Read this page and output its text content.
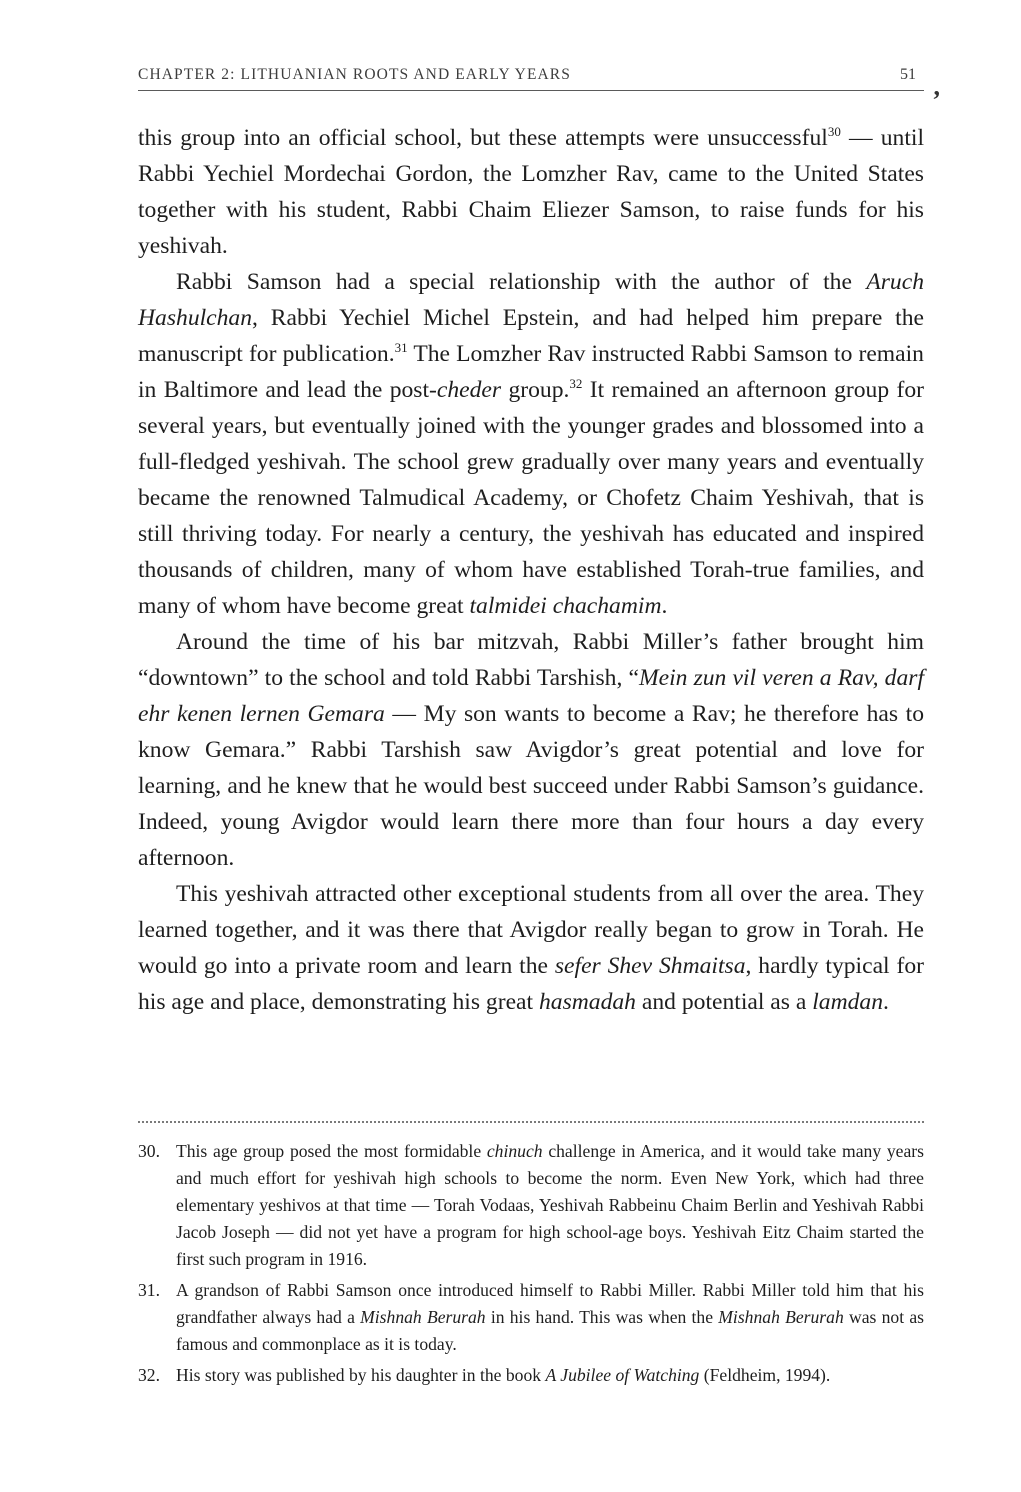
CHAPTER 2: LITHUANIAN ROOTS AND EARLY YEARS	51 ,

this group into an official school, but these attempts were unsuccessful$^{30}$ — until Rabbi Yechiel Mordechai Gordon, the Lomzher Rav, came to the United States together with his student, Rabbi Chaim Eliezer Samson, to raise funds for his yeshivah.

Rabbi Samson had a special relationship with the author of the Aruch Hashulchan, Rabbi Yechiel Michel Epstein, and had helped him prepare the manuscript for publication.$^{31}$ The Lomzher Rav instructed Rabbi Samson to remain in Baltimore and lead the post-cheder group.$^{32}$ It remained an afternoon group for several years, but eventually joined with the younger grades and blossomed into a full-fledged yeshivah. The school grew gradually over many years and eventually became the renowned Talmudical Academy, or Chofetz Chaim Yeshivah, that is still thriving today. For nearly a century, the yeshivah has educated and inspired thousands of children, many of whom have established Torah-true families, and many of whom have become great talmidei chachamim.

Around the time of his bar mitzvah, Rabbi Miller’s father brought him “downtown” to the school and told Rabbi Tarshish, “Mein zun vil veren a Rav, darf ehr kenen lernen Gemara — My son wants to become a Rav; he therefore has to know Gemara.” Rabbi Tarshish saw Avigdor’s great potential and love for learning, and he knew that he would best succeed under Rabbi Samson’s guidance. Indeed, young Avigdor would learn there more than four hours a day every afternoon.

This yeshivah attracted other exceptional students from all over the area. They learned together, and it was there that Avigdor really began to grow in Torah. He would go into a private room and learn the sefer Shev Shmaitsa, hardly typical for his age and place, demonstrating his great hasmadah and potential as a lamdan.

30. This age group posed the most formidable chinuch challenge in America, and it would take many years and much effort for yeshivah high schools to become the norm. Even New York, which had three elementary yeshivos at that time — Torah Vodaas, Yeshivah Rabbeinu Chaim Berlin and Yeshivah Rabbi Jacob Joseph — did not yet have a program for high school-age boys. Yeshivah Eitz Chaim started the first such program in 1916.
31. A grandson of Rabbi Samson once introduced himself to Rabbi Miller. Rabbi Miller told him that his grandfather always had a Mishnah Berurah in his hand. This was when the Mishnah Berurah was not as famous and commonplace as it is today.
32. His story was published by his daughter in the book A Jubilee of Watching (Feldheim, 1994).
